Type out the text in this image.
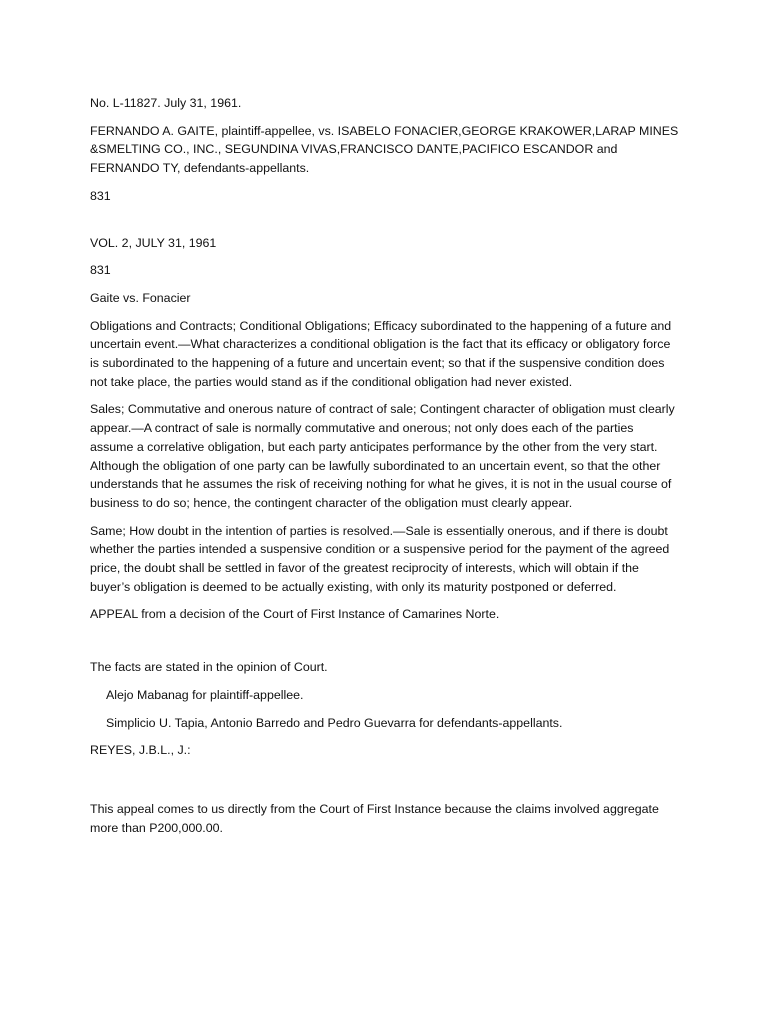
No. L-11827. July 31, 1961.

FERNANDO A. GAITE, plaintiff-appellee, vs. ISABELO FONACIER,GEORGE KRAKOWER,LARAP MINES &SMELTING CO., INC., SEGUNDINA VIVAS,FRANCISCO DANTE,PACIFICO ESCANDOR and FERNANDO TY, defendants-appellants.

831

VOL. 2, JULY 31, 1961

831

Gaite vs. Fonacier

Obligations and Contracts; Conditional Obligations; Efficacy subordinated to the happening of a future and uncertain event.—What characterizes a conditional obligation is the fact that its efficacy or obligatory force is subordinated to the happening of a future and uncertain event; so that if the suspensive condition does not take place, the parties would stand as if the conditional obligation had never existed.

Sales; Commutative and onerous nature of contract of sale; Contingent character of obligation must clearly appear.—A contract of sale is normally commutative and onerous; not only does each of the parties assume a correlative obligation, but each party anticipates performance by the other from the very start. Although the obligation of one party can be lawfully subordinated to an uncertain event, so that the other understands that he assumes the risk of receiving nothing for what he gives, it is not in the usual course of business to do so; hence, the contingent character of the obligation must clearly appear.

Same; How doubt in the intention of parties is resolved.—Sale is essentially onerous, and if there is doubt whether the parties intended a suspensive condition or a suspensive period for the payment of the agreed price, the doubt shall be settled in favor of the greatest reciprocity of interests, which will obtain if the buyer’s obligation is deemed to be actually existing, with only its maturity postponed or deferred.

APPEAL from a decision of the Court of First Instance of Camarines Norte.

The facts are stated in the opinion of Court.

Alejo Mabanag for plaintiff-appellee.

Simplicio U. Tapia, Antonio Barredo and Pedro Guevarra for defendants-appellants.

REYES, J.B.L., J.:

This appeal comes to us directly from the Court of First Instance because the claims involved aggregate more than P200,000.00.
